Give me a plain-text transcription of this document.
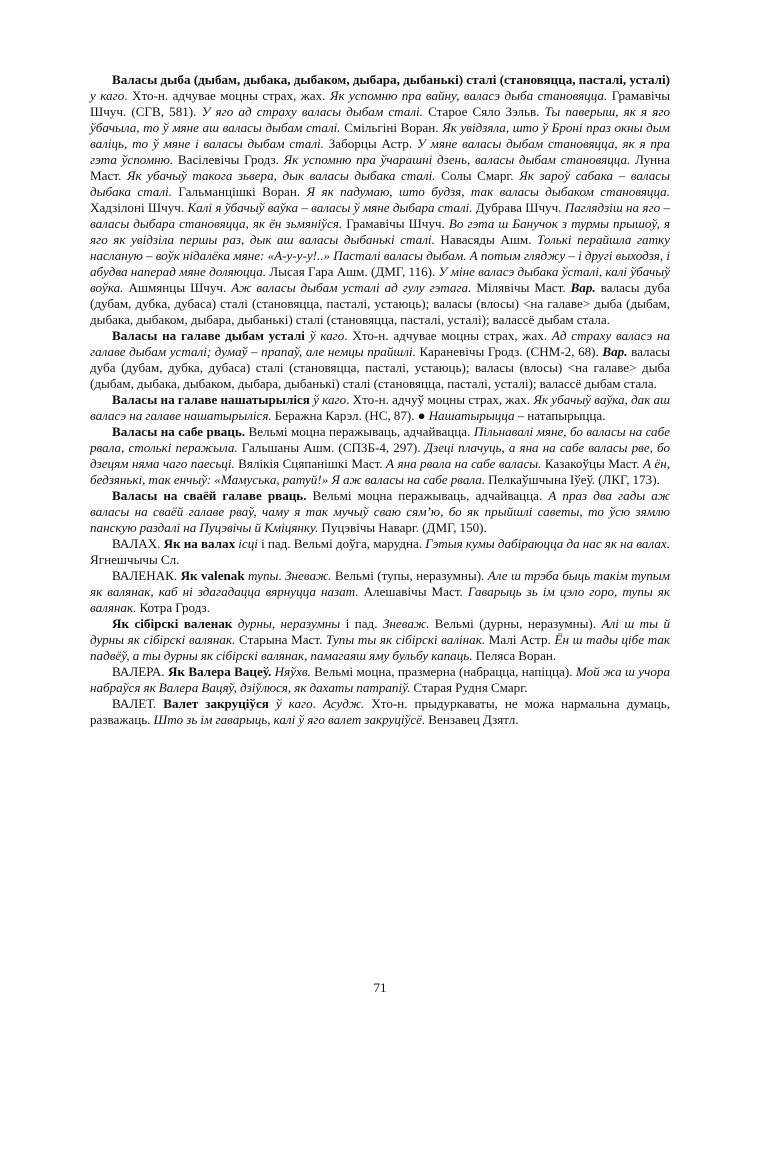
Валасы дыба (дыбам, дыбака, дыбаком, дыбара, дыбанькі) сталі (становяцца, пасталі, усталі) у каго. Хто-н. адчувае моцны страх, жах. Як успомню пра вайну, валасэ дыба становяцца. Грамавічы Шчуч. (СГВ, 581). У яго ад страху валасы дыбам сталі. Старое Сяло Зэльв. Ты паверыш, як я яго ўбачыла, то ў мяне аш валасы дыбам сталі. Смільгіні Воран. Як увідзяла, што ў Броні праз окны дым валіць, то ў мяне і валасы дыбам сталі. Заборцы Астр. У мяне валасы дыбам становяцца, як я пра гэта ўспомню. Васілевічы Гродз. Як успомню пра ўчарашні дзень, валасы дыбам становяцца. Лунна Маст. Як убачыў такога зьвера, дык валасы дыбака сталі. Солы Смарг. Як зароў сабака – валасы дыбака сталі. Гальманцішкі Воран. Я як падумаю, што будзя, так валасы дыбаком становяцца. Хадзілоні Шчуч. Калі я ўбачыў ваўка – валасы ў мяне дыбара сталі. Дубрава Шчуч. Паглядзіш на яго – валасы дыбара становяцца, як ён зьмяніўся. Грамавічы Шчуч. Во гэта ш Банучок з турмы прышоў, я яго як увідзіла першы раз, дык аш валасы дыбанькі сталі. Навасяды Ашм. Толькі перайшла гатку насланую – воўк нідалёка мяне: «А-у-у-у!..» Пасталі валасы дыбам. А потым гляджу – і другі выходзя, і абудва наперад мяне доляюцца. Лысая Гара Ашм. (ДМГ, 116). У міне валасэ дыбака ўсталі, калі ўбачыў воўка. Ашмянцы Шчуч. Аж валасы дыбам усталі ад гулу гэтага. Мілявічы Маст. Вар. валасы дуба (дубам, дубка, дубаса) сталі (становяцца, пасталі, устаюць); валасы (влосы) <на галаве> дыба (дыбам, дыбака, дыбаком, дыбара, дыбанькі) сталі (становяцца, пасталі, усталі); валассё дыбам стала.

Валасы на галаве дыбам усталі ў каго. Хто-н. адчувае моцны страх, жах. Ад страху валасэ на галаве дыбам усталі; думаў – прапаў, але немцы прайшлі. Караневічы Гродз. (СНМ-2, 68). Вар. валасы дуба (дубам, дубка, дубаса) сталі (становяцца, пасталі, устаюць); валасы (влосы) <на галаве> дыба (дыбам, дыбака, дыбаком, дыбара, дыбанькі) сталі (становяцца, пасталі, усталі); валассё дыбам стала.

Валасы на галаве нашатырыліся ў каго. Хто-н. адчуў моцны страх, жах. Як убачыў ваўка, дак аш валасэ на галаве нашатырыліся. Беражна Карэл. (НС, 87). ● Нашатырыцца – натапырыцца.

Валасы на сабе рваць. Вельмі моцна перажываць, адчайвацца. Пільнавалі мяне, бо валасы на сабе рвала, столькі перажыла. Гальшаны Ашм. (СПЗБ-4, 297). Дзеці плачуць, а яна на сабе валасы рве, бо дзецям няма чаго паесьці. Вялікія Сцяпанішкі Маст. А яна рвала на сабе валасы. Казакоўцы Маст. А ён, бедзянькі, так енчыў: «Мамуська, ратуй!» Я аж валасы на сабе рвала. Пелкаўшчына Іўеў. (ЛКГ, 173).

Валасы на сваёй галаве рваць. Вельмі моцна перажываць, адчайвацца. А праз два гады аж валасы на сваёй галаве рваў, чаму я так мучыў сваю сям’ю, бо як прыйшлі саветы, то ўсю зямлю панскую раздалі на Пуцэвічы й Кміцянку. Пуцэвічы Наварг. (ДМГ, 150).

ВАЛАХ. Як на валах ісці і пад. Вельмі доўга, марудна. Гэтыя кумы дабіраюцца да нас як на валах. Ягнешчычы Сл.

ВАЛЕНАК. Як valenak тупы. Зневаж. Вельмі (тупы, неразумны). Але ш трэба быць такім тупым як валянак, каб ні здагадацца вярнуцца назат. Алешавічы Маст. Гаварыць зь ім цэло горо, тупы як валянак. Котра Гродз.

Як сібірскі валенак дурны, неразумны і пад. Зневаж. Вельмі (дурны, неразумны). Алі ш ты й дурны як сібірскі валянак. Старына Маст. Тупы ты як сібірскі валінак. Малі Астр. Ён ш тады цібе так падвёў, а ты дурны як сібірскі валянак, памагаяш яму бульбу капаць. Пеляса Воран.

ВАЛЕРА. Як Валера Вацеў. Няўхв. Вельмі моцна, празмерна (набрацца, напіцца). Мой жа ш учора набраўся як Валера Вацяў, дзіўлюся, як дахаты патрапіў. Старая Рудня Смарг.

ВАЛЕТ. Валет закруціўся ў каго. Асудж. Хто-н. прыдуркаваты, не можа нармальна думаць, разважаць. Што зь ім гаварыць, калі ў яго валет закруціўсё. Вензавец Дзятл.

71
